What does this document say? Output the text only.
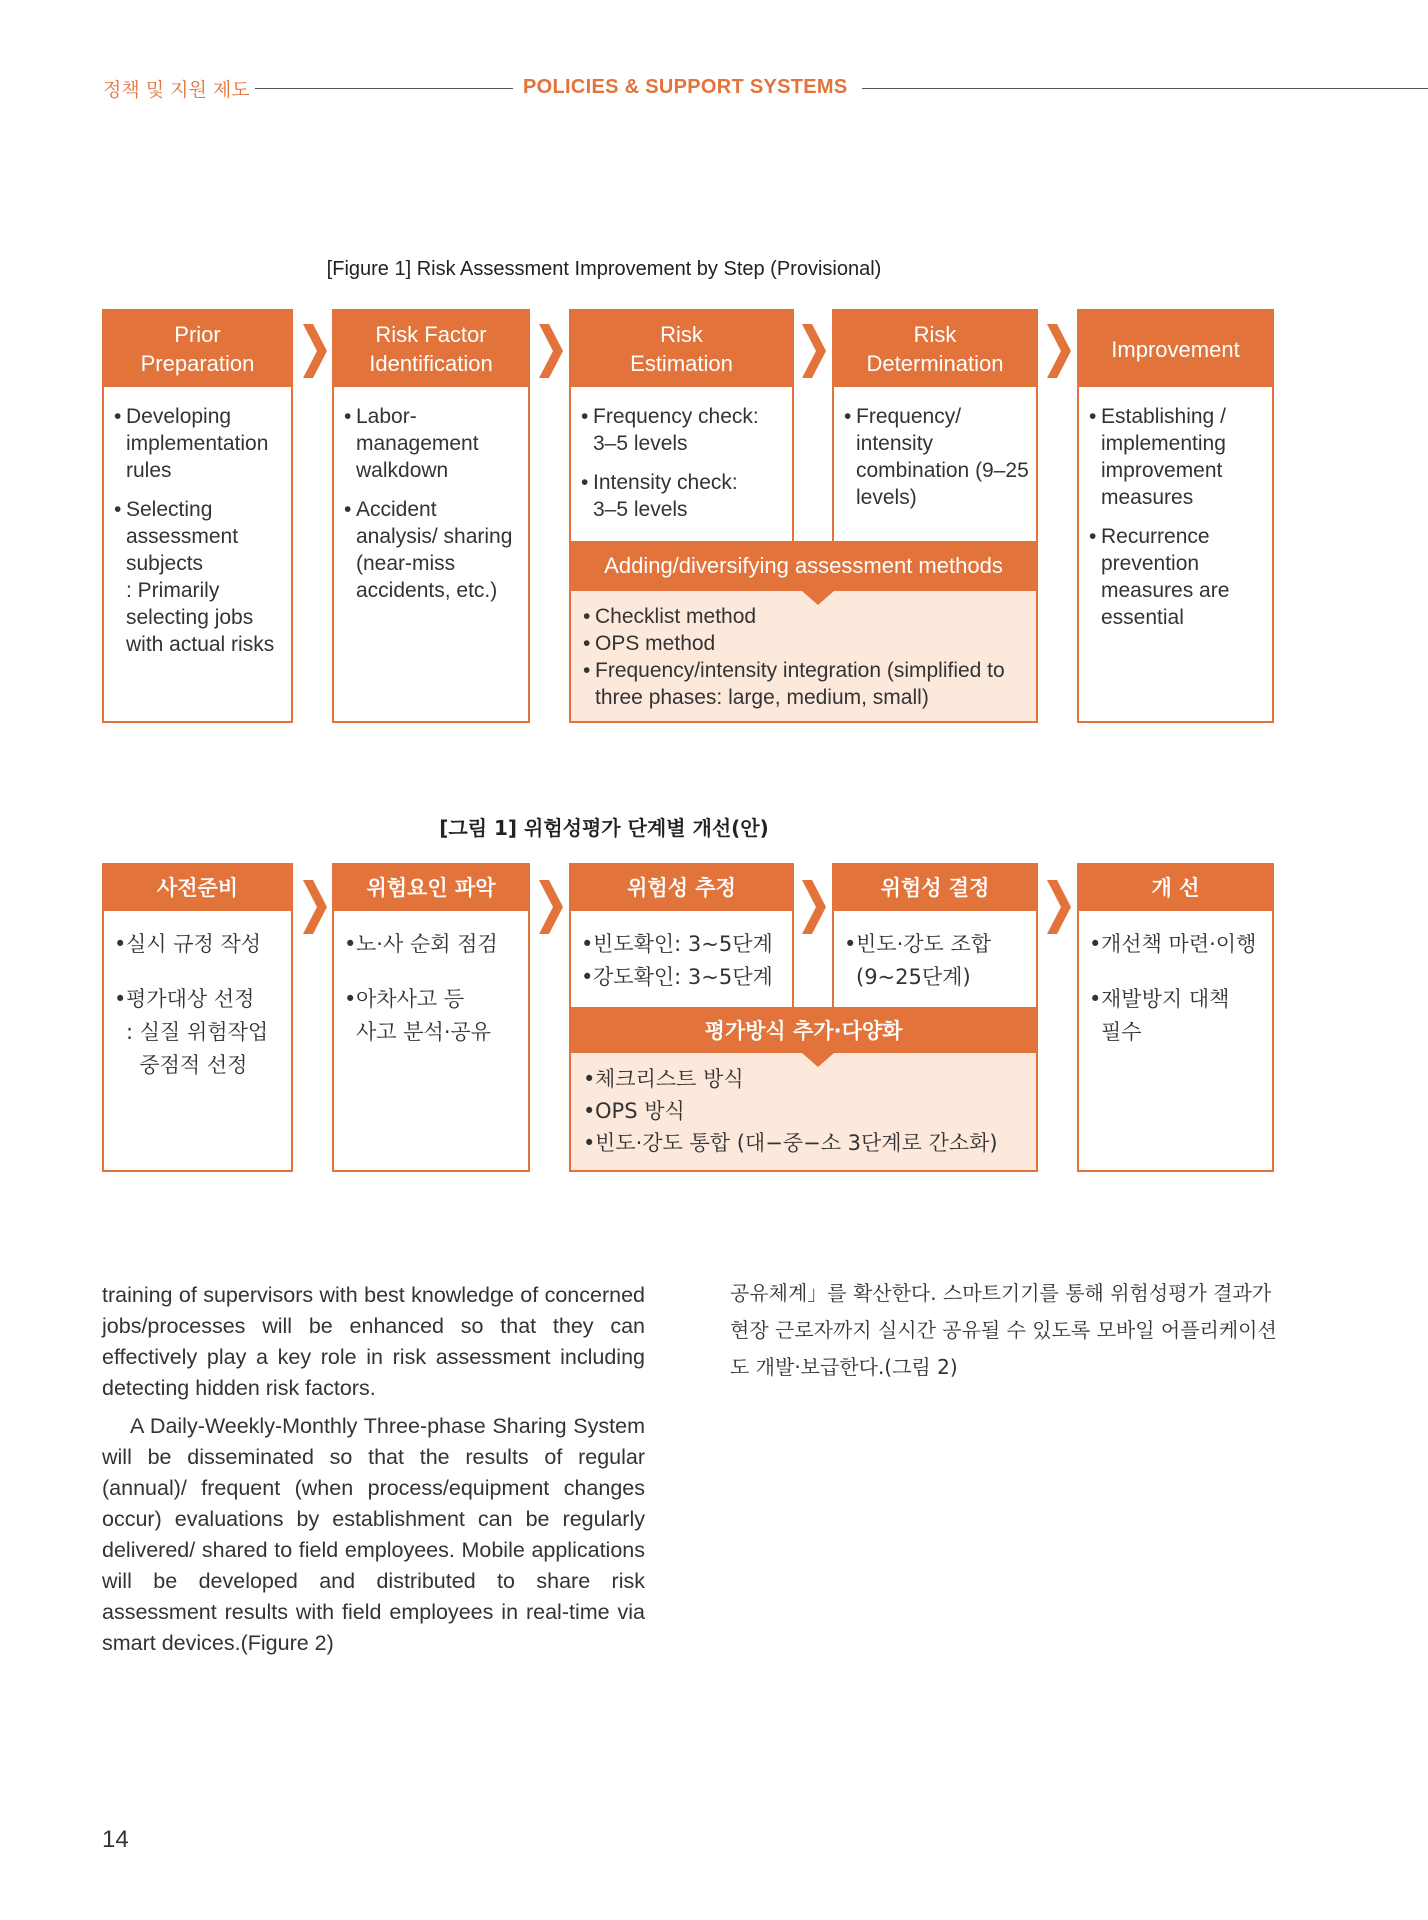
정책 및 지원 제도	POLICIES & SUPPORT SYSTEMS
[Figure 1] Risk Assessment Improvement by Step (Provisional)
Prior
Preparation
• Developing implementation rules
• Selecting assessment subjects
: Primarily selecting jobs with actual risks
Risk Factor
Identification
• Labor-management walkdown
• Accident analysis/ sharing (near-miss accidents, etc.)
Risk
Estimation
• Frequency check:
3–5 levels
• Intensity check:
3–5 levels
Risk
Determination
• Frequency/ intensity combination (9–25 levels)
Improvement
• Establishing / implementing improvement measures
• Recurrence prevention measures are essential
Adding/diversifying assessment methods
• Checklist method
• OPS method
• Frequency/intensity integration (simplified to three phases: large, medium, small)
[그림 1] 위험성평가 단계별 개선(안)
사전준비
• 실시 규정 작성
• 평가대상 선정
: 실질 위험작업
중점적 선정
위험요인 파악
• 노·사 순회 점검
• 아차사고 등
사고 분석·공유
위험성 추정
• 빈도확인: 3~5단계
• 강도확인: 3~5단계
위험성 결정
• 빈도·강도 조합
(9~25단계)
개 선
• 개선책 마련·이행
• 재발방지 대책
필수
평가방식 추가·다양화
• 체크리스트 방식
• OPS 방식
• 빈도·강도 통합 (대−중−소 3단계로 간소화)

training of supervisors with best knowledge of concerned jobs/processes will be enhanced so that they can effectively play a key role in risk assessment including detecting hidden risk factors.

A Daily-Weekly-Monthly Three-phase Sharing System will be disseminated so that the results of regular (annual)/ frequent (when process/equipment changes occur) evaluations by establishment can be regularly delivered/ shared to field employees. Mobile applications will be developed and distributed to share risk assessment results with field employees in real-time via smart devices.(Figure 2)

공유체계」를 확산한다. 스마트기기를 통해 위험성평가 결과가 현장 근로자까지 실시간 공유될 수 있도록 모바일 어플리케이션도 개발·보급한다.(그림 2)

14
